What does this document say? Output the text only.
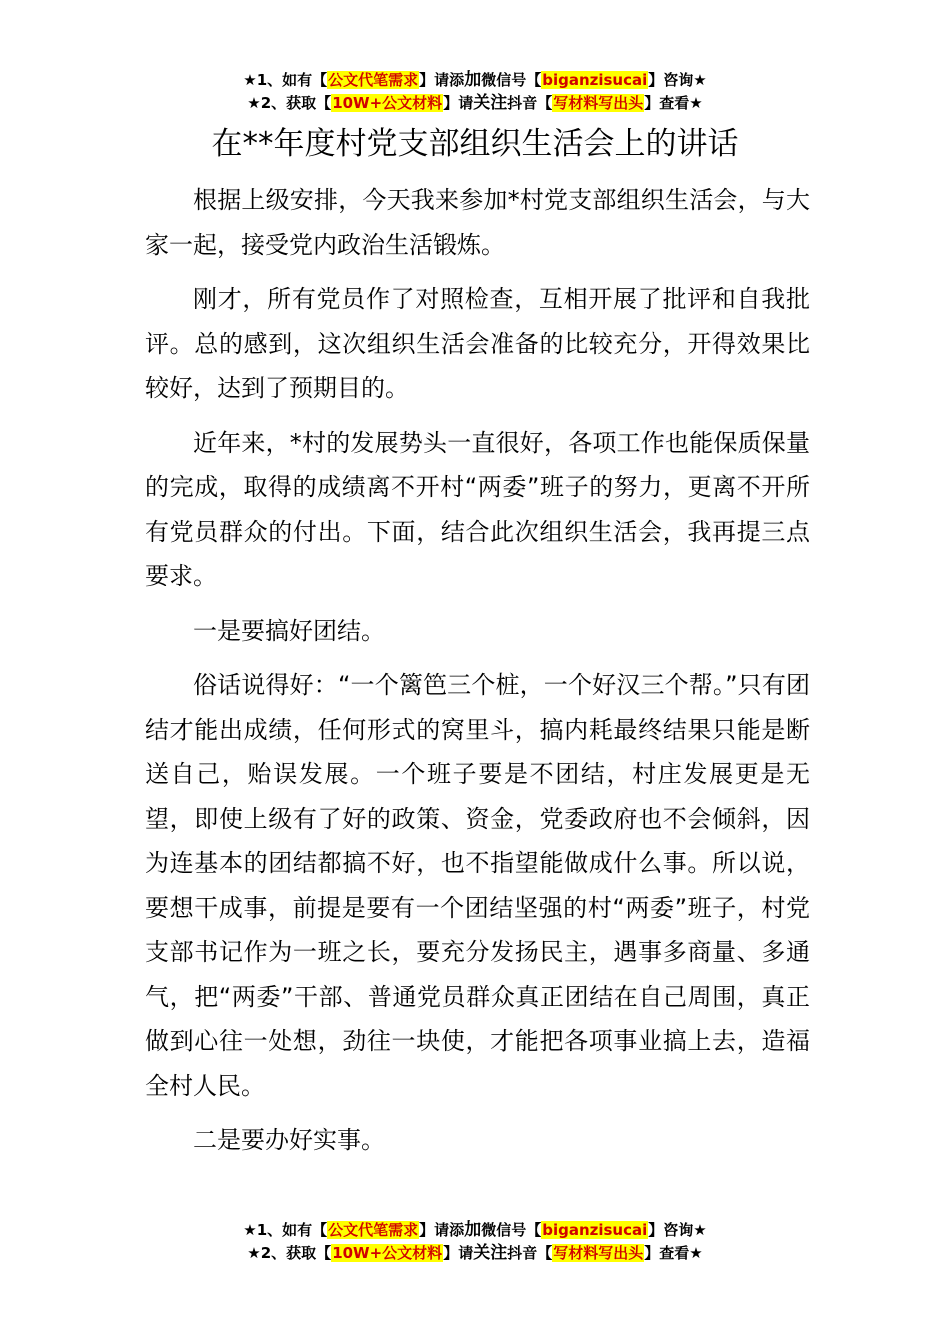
★1、如有【公文代笔需求】请添加微信号【biganzisucai】咨询★
★2、获取【10W+公文材料】请关注抖音【写材料写出头】查看★
在**年度村党支部组织生活会上的讲话

根据上级安排，今天我来参加*村党支部组织生活会，与大家一起，接受党内政治生活锻炼。

刚才，所有党员作了对照检查，互相开展了批评和自我批评。总的感到，这次组织生活会准备的比较充分，开得效果比较好，达到了预期目的。

近年来，*村的发展势头一直很好，各项工作也能保质保量的完成，取得的成绩离不开村“两委”班子的努力，更离不开所有党员群众的付出。下面，结合此次组织生活会，我再提三点要求。

一是要搞好团结。

俗话说得好：“一个篱笆三个桩，一个好汉三个帮。”只有团结才能出成绩，任何形式的窝里斗，搞内耗最终结果只能是断送自己，贻误发展。一个班子要是不团结，村庄发展更是无望，即使上级有了好的政策、资金，党委政府也不会倾斜，因为连基本的团结都搞不好，也不指望能做成什么事。所以说，要想干成事，前提是要有一个团结坚强的村“两委”班子，村党支部书记作为一班之长，要充分发扬民主，遇事多商量、多通气，把“两委”干部、普通党员群众真正团结在自己周围，真正做到心往一处想，劲往一块使，才能把各项事业搞上去，造福全村人民。

二是要办好实事。

★1、如有【公文代笔需求】请添加微信号【biganzisucai】咨询★
★2、获取【10W+公文材料】请关注抖音【写材料写出头】查看★
